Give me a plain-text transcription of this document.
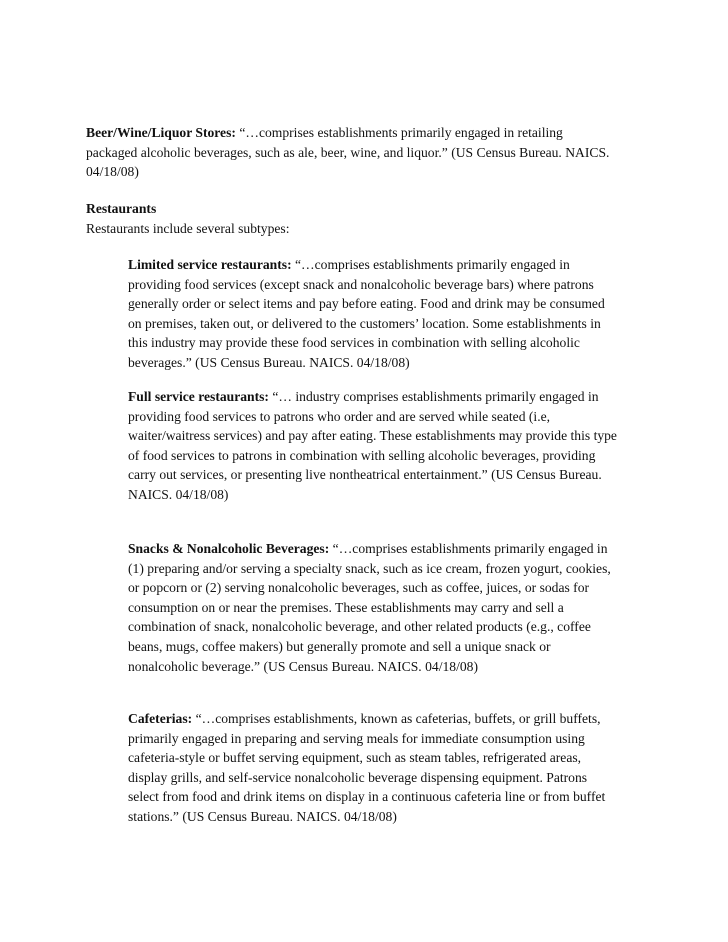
Beer/Wine/Liquor Stores: “…comprises establishments primarily engaged in retailing
packaged alcoholic beverages, such as ale, beer, wine, and liquor.” (US Census Bureau. NAICS.
04/18/08)
Restaurants
Restaurants include several subtypes:
Limited service restaurants: “…comprises establishments primarily engaged in
providing food services (except snack and nonalcoholic beverage bars) where patrons
generally order or select items and pay before eating. Food and drink may be consumed
on premises, taken out, or delivered to the customers’ location. Some establishments in
this industry may provide these food services in combination with selling alcoholic
beverages.” (US Census Bureau. NAICS. 04/18/08)
Full service restaurants: “… industry comprises establishments primarily engaged in
providing food services to patrons who order and are served while seated (i.e,
waiter/waitress services) and pay after eating. These establishments may provide this type
of food services to patrons in combination with selling alcoholic beverages, providing
carry out services, or presenting live nontheatrical entertainment.” (US Census Bureau.
NAICS. 04/18/08)
Snacks & Nonalcoholic Beverages: “…comprises establishments primarily engaged in
(1) preparing and/or serving a specialty snack, such as ice cream, frozen yogurt, cookies,
or popcorn or (2) serving nonalcoholic beverages, such as coffee, juices, or sodas for
consumption on or near the premises. These establishments may carry and sell a
combination of snack, nonalcoholic beverage, and other related products (e.g., coffee
beans, mugs, coffee makers) but generally promote and sell a unique snack or
nonalcoholic beverage.” (US Census Bureau. NAICS. 04/18/08)
Cafeterias: “…comprises establishments, known as cafeterias, buffets, or grill buffets,
primarily engaged in preparing and serving meals for immediate consumption using
cafeteria-style or buffet serving equipment, such as steam tables, refrigerated areas,
display grills, and self-service nonalcoholic beverage dispensing equipment. Patrons
select from food and drink items on display in a continuous cafeteria line or from buffet
stations.” (US Census Bureau. NAICS. 04/18/08)
